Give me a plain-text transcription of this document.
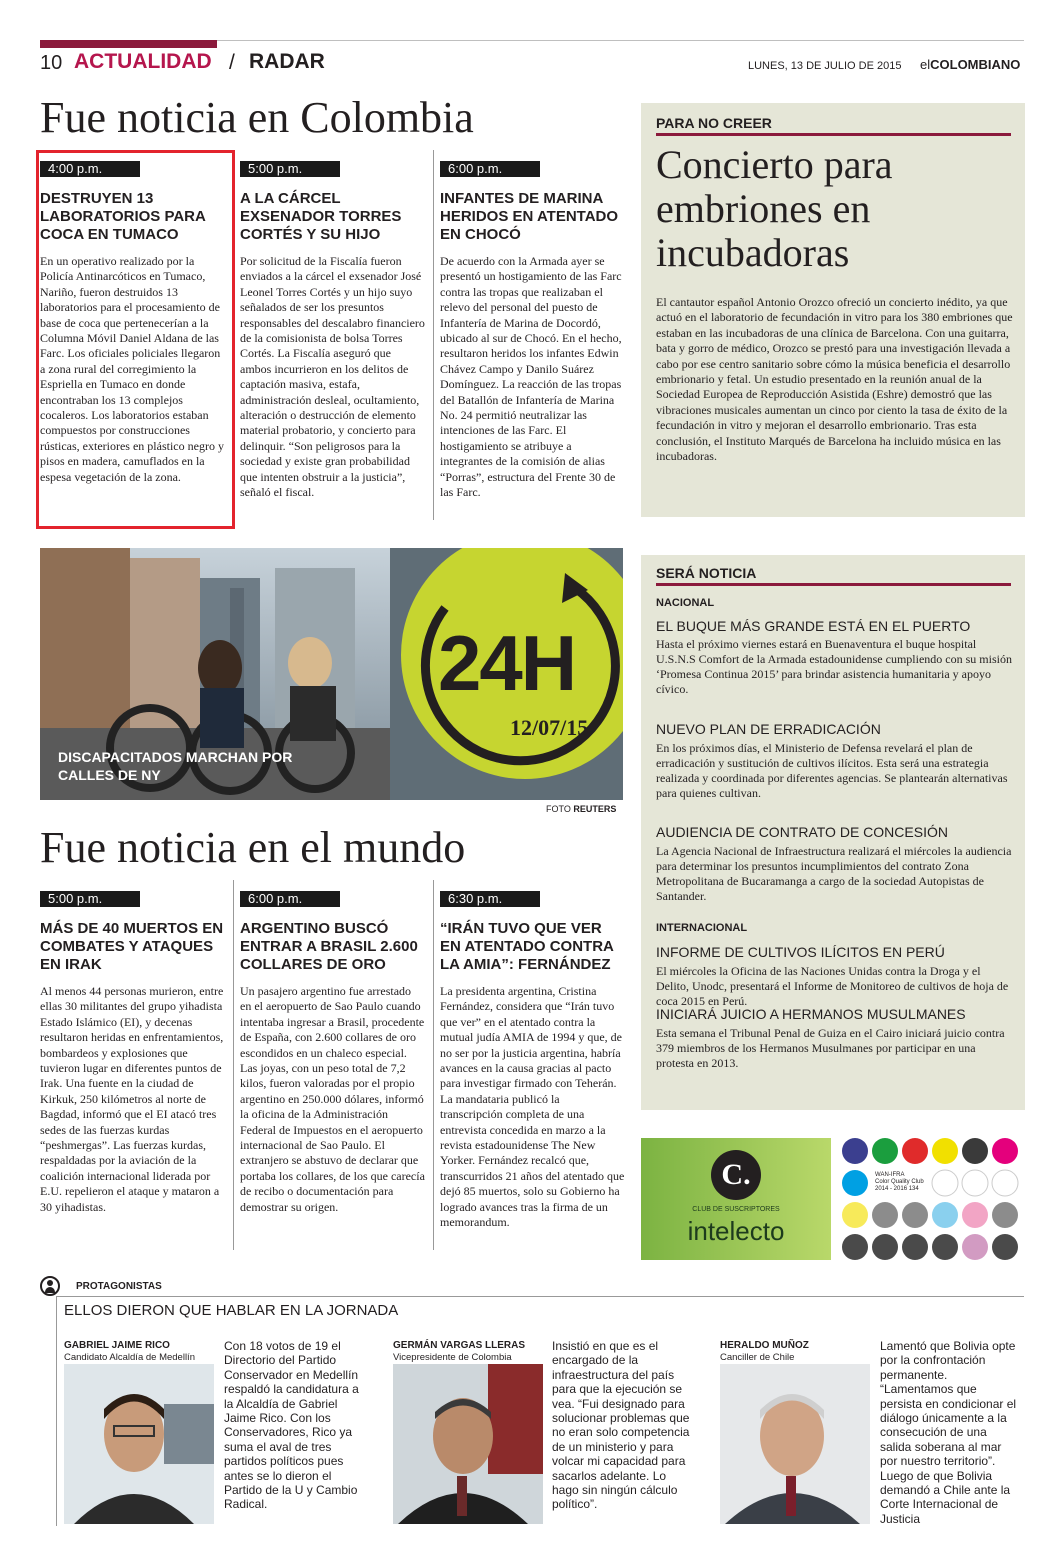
10 ACTUALIDAD / RADAR	LUNES, 13 DE JULIO DE 2015 elCOLOMBIANO
Fue noticia en Colombia
4:00 p.m.
DESTRUYEN 13 LABORATORIOS PARA COCA EN TUMACO
En un operativo realizado por la Policía Antinarcóticos en Tumaco, Nariño, fueron destruidos 13 laboratorios para el procesamiento de base de coca que pertenecerían a la Columna Móvil Daniel Aldana de las Farc. Los oficiales policiales llegaron a zona rural del corregimiento la Espriella en Tumaco en donde encontraban los 13 complejos cocaleros. Los laboratorios estaban compuestos por construcciones rústicas, exteriores en plástico negro y pisos en madera, camuflados en la espesa vegetación de la zona.
5:00 p.m.
A LA CÁRCEL EXSENADOR TORRES CORTÉS Y SU HIJO
Por solicitud de la Fiscalía fueron enviados a la cárcel el exsenador José Leonel Torres Cortés y un hijo suyo señalados de ser los presuntos responsables del descalabro financiero de la comisionista de bolsa Torres Cortés. La Fiscalía aseguró que ambos incurrieron en los delitos de captación masiva, estafa, administración desleal, ocultamiento, alteración o destrucción de elemento material probatorio, y concierto para delinquir. “Son peligrosos para la sociedad y existe gran probabilidad que intenten obstruir a la justicia”, señaló el fiscal.
6:00 p.m.
INFANTES DE MARINA HERIDOS EN ATENTADO EN CHOCÓ
De acuerdo con la Armada ayer se presentó un hostigamiento de las Farc contra las tropas que realizaban el relevo del personal del puesto de Infantería de Marina de Docordó, ubicado al sur de Chocó. En el hecho, resultaron heridos los infantes Edwin Chávez Campo y Danilo Suárez Domínguez. La reacción de las tropas del Batallón de Infantería de Marina No. 24 permitió neutralizar las intenciones de las Farc. El hostigamiento se atribuye a integrantes de la comisión de alias “Porras”, estructura del Frente 30 de las Farc.
PARA NO CREER
Concierto para embriones en incubadoras
El cantautor español Antonio Orozco ofreció un concierto inédito, ya que actuó en el laboratorio de fecundación in vitro para los 380 embriones que estaban en las incubadoras de una clínica de Barcelona. Con una guitarra, bata y gorro de médico, Orozco se prestó para una investigación llevada a cabo por ese centro sanitario sobre cómo la música beneficia el desarrollo embrionario y fetal. Un estudio presentado en la reunión anual de la Sociedad Europea de Reproducción Asistida (Eshre) demostró que las vibraciones musicales aumentan un cinco por ciento la tasa de éxito de la fecundación in vitro y mejoran el desarrollo embrionario. Tras esta conclusión, el Instituto Marqués de Barcelona ha incluido música en las incubadoras.
24H
12/07/15
DISCAPACITADOS MARCHAN POR CALLES DE NY
FOTO REUTERS
SERÁ NOTICIA
NACIONAL
EL BUQUE MÁS GRANDE ESTÁ EN EL PUERTO
Hasta el próximo viernes estará en Buenaventura el buque hospital U.S.N.S Comfort de la Armada estadounidense cumpliendo con su misión ‘Promesa Continua 2015’ para brindar asistencia humanitaria y apoyo cívico.
NUEVO PLAN DE ERRADICACIÓN
En los próximos días, el Ministerio de Defensa revelará el plan de erradicación y sustitución de cultivos ilícitos. Esta será una estrategia realizada y coordinada por diferentes agencias. Se plantearán alternativas para quienes cultivan.
AUDIENCIA DE CONTRATO DE CONCESIÓN
La Agencia Nacional de Infraestructura realizará el miércoles la audiencia para determinar los presuntos incumplimientos del contrato Zona Metropolitana de Bucaramanga a cargo de la sociedad Autopistas de Santander.
INTERNACIONAL
INFORME DE CULTIVOS ILÍCITOS EN PERÚ
El miércoles la Oficina de las Naciones Unidas contra la Droga y el Delito, Unodc, presentará el Informe de Monitoreo de cultivos de hoja de coca 2015 en Perú.
INICIARÁ JUICIO A HERMANOS MUSULMANES
Esta semana el Tribunal Penal de Guiza en el Cairo iniciará juicio contra 379 miembros de los Hermanos Musulmanes por participar en una protesta en 2013.
Fue noticia en el mundo
5:00 p.m.
MÁS DE 40 MUERTOS EN COMBATES Y ATAQUES EN IRAK
Al menos 44 personas murieron, entre ellas 30 militantes del grupo yihadista Estado Islámico (EI), y decenas resultaron heridas en enfrentamientos, bombardeos y explosiones que tuvieron lugar en diferentes puntos de Irak. Una fuente en la ciudad de Kirkuk, 250 kilómetros al norte de Bagdad, informó que el EI atacó tres sedes de las fuerzas kurdas “peshmergas”. Las fuerzas kurdas, respaldadas por la aviación de la coalición internacional liderada por E.U. repelieron el ataque y mataron a 30 yihadistas.
6:00 p.m.
ARGENTINO BUSCÓ ENTRAR A BRASIL 2.600 COLLARES DE ORO
Un pasajero argentino fue arrestado en el aeropuerto de Sao Paulo cuando intentaba ingresar a Brasil, procedente de España, con 2.600 collares de oro escondidos en un chaleco especial. Las joyas, con un peso total de 7,2 kilos, fueron valoradas por el propio argentino en 250.000 dólares, informó la oficina de la Administración Federal de Impuestos en el aeropuerto internacional de Sao Paulo. El extranjero se abstuvo de declarar que portaba los collares, de los que carecía de recibo o documentación para demostrar su origen.
6:30 p.m.
“IRÁN TUVO QUE VER EN ATENTADO CONTRA LA AMIA”: FERNÁNDEZ
La presidenta argentina, Cristina Fernández, considera que “Irán tuvo que ver” en el atentado contra la mutual judía AMIA de 1994 y que, de no ser por la justicia argentina, habría avances en la causa gracias al pacto para investigar firmado con Teherán. La mandataria publicó la transcripción completa de una entrevista concedida en marzo a la revista estadounidense The New Yorker. Fernández recalcó que, transcurridos 21 años del atentado que dejó 85 muertos, solo su Gobierno ha logrado avances tras la firma de un memorandum.
C.
CLUB DE SUSCRIPTORES
intelecto
WAN-IFRA
Color Quality Club
2014 - 2016 134
PROTAGONISTAS
ELLOS DIERON QUE HABLAR EN LA JORNADA
GABRIEL JAIME RICO
Candidato Alcaldía de Medellín
Con 18 votos de 19 el Directorio del Partido Conservador en Medellín respaldó la candidatura a la Alcaldía de Gabriel Jaime Rico. Con los Conservadores, Rico ya suma el aval de tres partidos políticos pues antes se lo dieron el Partido de la U y Cambio Radical.
GERMÁN VARGAS LLERAS
Vicepresidente de Colombia
Insistió en que es el encargado de la infraestructura del país para que la ejecución se vea. “Fui designado para solucionar problemas que no eran solo competencia de un ministerio y para volcar mi capacidad para sacarlos adelante. Lo hago sin ningún cálculo político”.
HERALDO MUÑOZ
Canciller de Chile
Lamentó que Bolivia opte por la confrontación permanente. “Lamentamos que persista en condicionar el diálogo únicamente a la consecución de una salida soberana al mar por nuestro territorio”. Luego de que Bolivia demandó a Chile ante la Corte Internacional de Justicia
